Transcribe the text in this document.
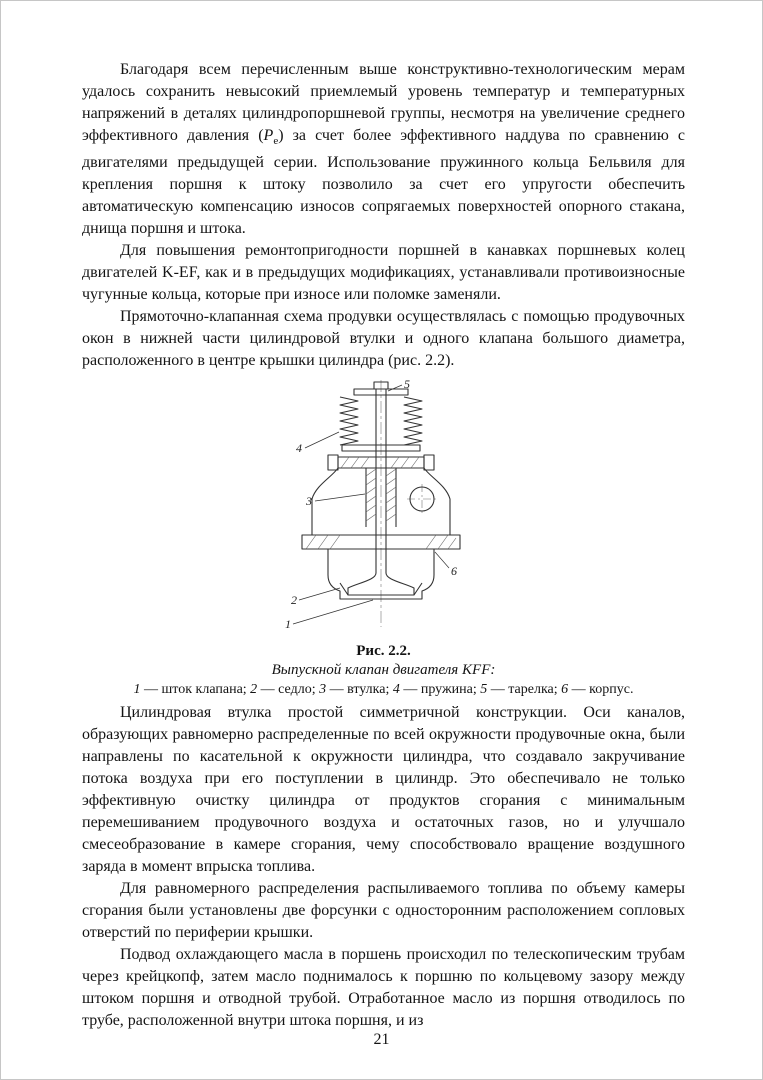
Благодаря всем перечисленным выше конструктивно-технологическим мерам удалось сохранить невысокий приемлемый уровень температур и температурных напряжений в деталях цилиндропоршневой группы, несмотря на увеличение среднего эффективного давления $(P_e)$ за счет более эффективного наддува по сравнению с двигателями предыдущей серии. Использование пружинного кольца Бельвиля для крепления поршня к штоку позволило за счет его упругости обеспечить автоматическую компенсацию износов сопрягаемых поверхностей опорного стакана, днища поршня и штока.

Для повышения ремонтопригодности поршней в канавках поршневых колец двигателей K-EF, как и в предыдущих модификациях, устанавливали противоизносные чугунные кольца, которые при износе или поломке заменяли.

Прямоточно-клапанная схема продувки осуществлялась с помощью продувочных окон в нижней части цилиндровой втулки и одного клапана большого диаметра, расположенного в центре крышки цилиндра (рис. 2.2).

5
4
3
6
2
1
Рис. 2.2.
Выпускной клапан двигателя KFF:
1 — шток клапана; 2 — седло; 3 — втулка; 4 — пружина; 5 — тарелка; 6 — корпус.

Цилиндровая втулка простой симметричной конструкции. Оси каналов, образующих равномерно распределенные по всей окружности продувочные окна, были направлены по касательной к окружности цилиндра, что создавало закручивание потока воздуха при его поступлении в цилиндр. Это обеспечивало не только эффективную очистку цилиндра от продуктов сгорания с минимальным перемешиванием продувочного воздуха и остаточных газов, но и улучшало смесеобразование в камере сгорания, чему способствовало вращение воздушного заряда в момент впрыска топлива.

Для равномерного распределения распыливаемого топлива по объему камеры сгорания были установлены две форсунки с односторонним расположением сопловых отверстий по периферии крышки.

Подвод охлаждающего масла в поршень происходил по телескопическим трубам через крейцкопф, затем масло поднималось к поршню по кольцевому зазору между штоком поршня и отводной трубой. Отработанное масло из поршня отводилось по трубе, расположенной внутри штока поршня, и из

21
